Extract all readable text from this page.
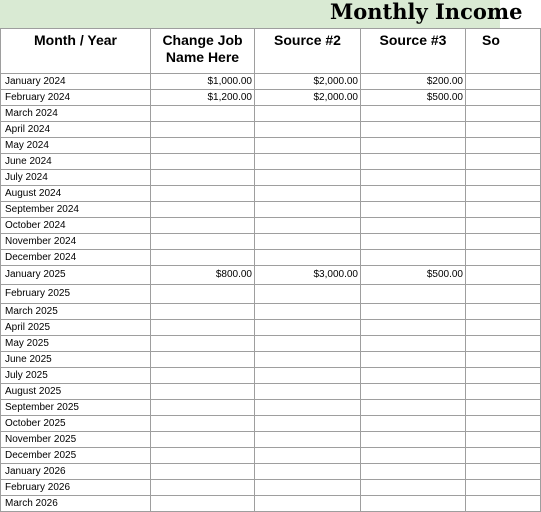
Monthly Income
Month / Year	Change Job Name Here	Source #2	Source #3	So
January 2024	$1,000.00	$2,000.00	$200.00	
February 2024	$1,200.00	$2,000.00	$500.00	
March 2024				
April 2024				
May 2024				
June 2024				
July 2024				
August 2024				
September 2024				
October 2024				
November 2024				
December 2024				
January 2025	$800.00	$3,000.00	$500.00	
February 2025				
March 2025				
April 2025				
May 2025				
June 2025				
July 2025				
August 2025				
September 2025				
October 2025				
November 2025				
December 2025				
January 2026				
February 2026				
March 2026				
